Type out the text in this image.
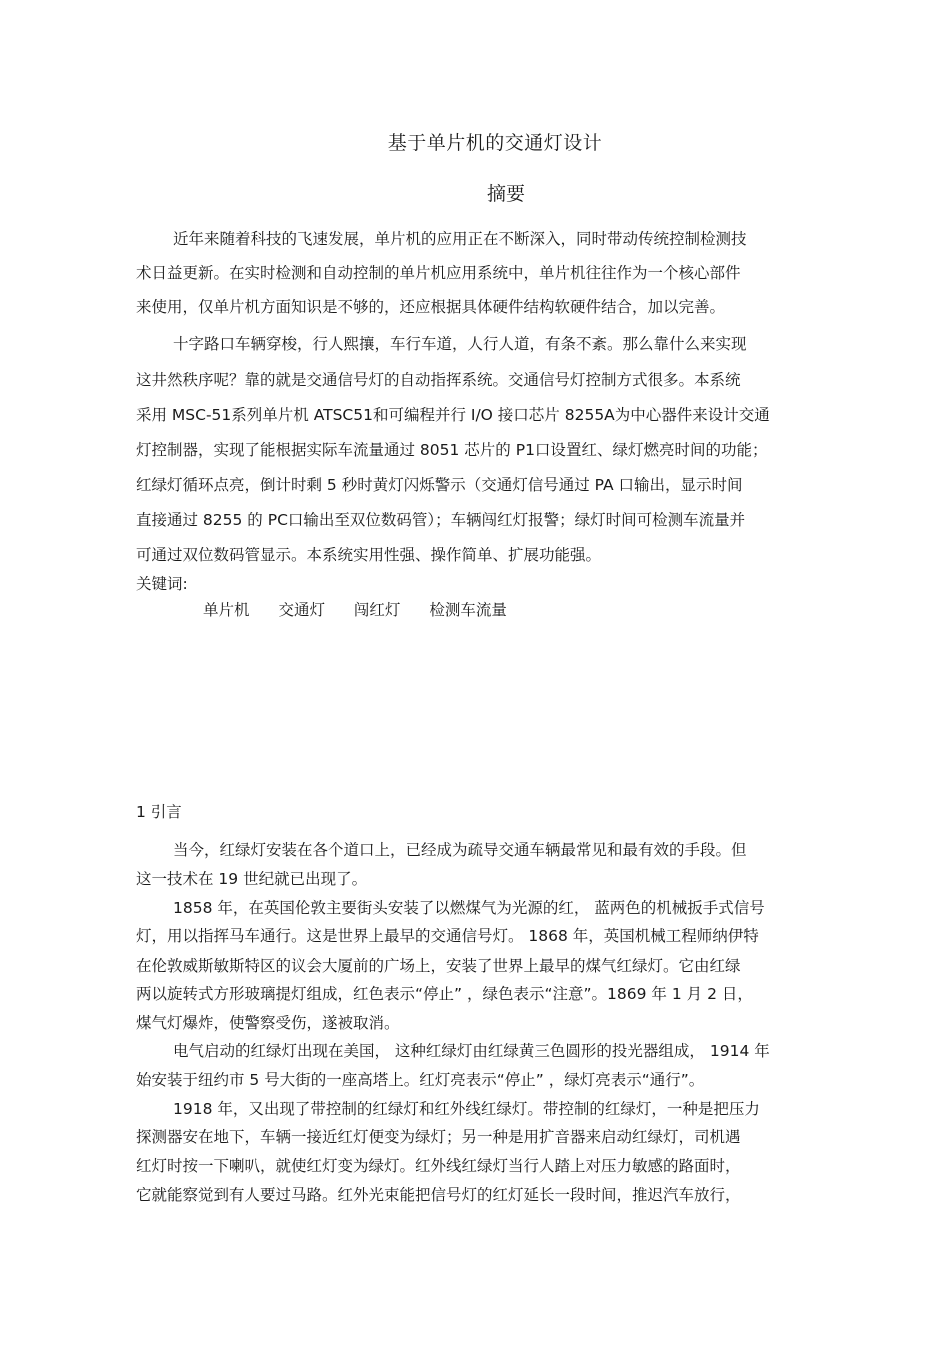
基于单片机的交通灯设计
摘要
近年来随着科技的飞速发展，单片机的应用正在不断深入，同时带动传统控制检测技
术日益更新。在实时检测和自动控制的单片机应用系统中，单片机往往作为一个核心部件
来使用，仅单片机方面知识是不够的，还应根据具体硬件结构软硬件结合，加以完善。
十字路口车辆穿梭，行人熙攘，车行车道，人行人道，有条不紊。那么靠什么来实现
这井然秩序呢？靠的就是交通信号灯的自动指挥系统。交通信号灯控制方式很多。本系统
采用 MSC-51系列单片机 ATSC51和可编程并行 I/O 接口芯片 8255A为中心器件来设计交通
灯控制器，实现了能根据实际车流量通过 8051 芯片的 P1口设置红、绿灯燃亮时间的功能；
红绿灯循环点亮，倒计时剩 5 秒时黄灯闪烁警示（交通灯信号通过 PA 口输出，显示时间
直接通过 8255 的 PC口输出至双位数码管）；车辆闯红灯报警；绿灯时间可检测车流量并
可通过双位数码管显示。本系统实用性强、操作简单、扩展功能强。
关键词:
单片机 交通灯 闯红灯 检测车流量
1 引言
当今，红绿灯安装在各个道口上，已经成为疏导交通车辆最常见和最有效的手段。但
这一技术在 19 世纪就已出现了。
1858 年，在英国伦敦主要街头安装了以燃煤气为光源的红， 蓝两色的机械扳手式信号
灯，用以指挥马车通行。这是世界上最早的交通信号灯。 1868 年，英国机械工程师纳伊特
在伦敦威斯敏斯特区的议会大厦前的广场上，安装了世界上最早的煤气红绿灯。它由红绿
两以旋转式方形玻璃提灯组成，红色表示“停止” ，绿色表示“注意”。1869 年 1 月 2 日，
煤气灯爆炸，使警察受伤，遂被取消。
电气启动的红绿灯出现在美国， 这种红绿灯由红绿黄三色圆形的投光器组成， 1914 年
始安装于纽约市 5 号大街的一座高塔上。红灯亮表示“停止” ，绿灯亮表示“通行”。
1918 年，又出现了带控制的红绿灯和红外线红绿灯。带控制的红绿灯，一种是把压力
探测器安在地下，车辆一接近红灯便变为绿灯；另一种是用扩音器来启动红绿灯，司机遇
红灯时按一下喇叭，就使红灯变为绿灯。红外线红绿灯当行人踏上对压力敏感的路面时，
它就能察觉到有人要过马路。红外光束能把信号灯的红灯延长一段时间，推迟汽车放行，
